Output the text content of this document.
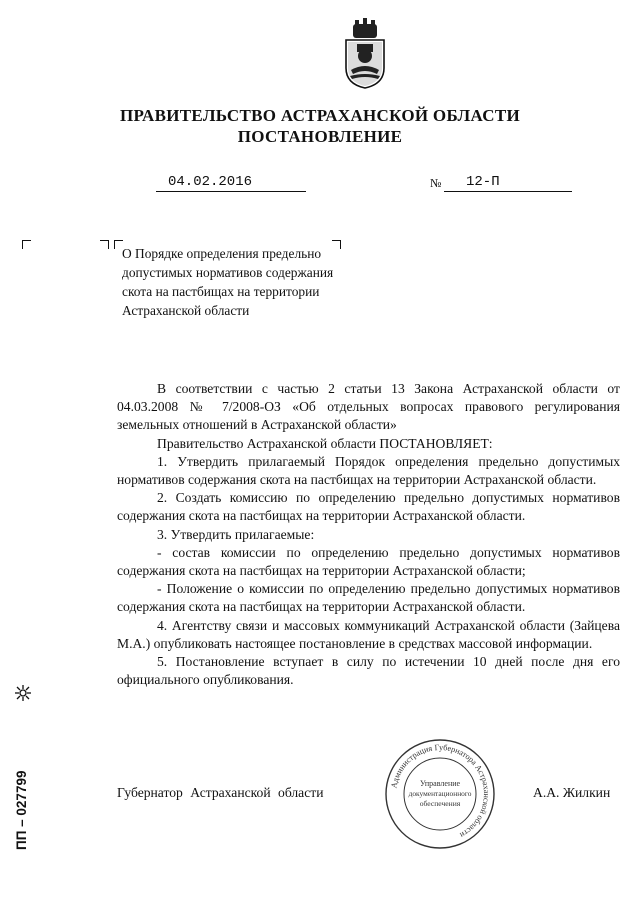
ПРАВИТЕЛЬСТВО АСТРАХАНСКОЙ ОБЛАСТИ
ПОСТАНОВЛЕНИЕ
04.02.2016	№ 12-П
О Порядке определения предельно допустимых нормативов содержания скота на пастбищах на территории Астраханской области

В соответствии с частью 2 статьи 13 Закона Астраханской области от 04.03.2008 № 7/2008-ОЗ «Об отдельных вопросах правового регулирования земельных отношений в Астраханской области»

Правительство Астраханской области ПОСТАНОВЛЯЕТ:

1. Утвердить прилагаемый Порядок определения предельно допустимых нормативов содержания скота на пастбищах на территории Астраханской области.

2. Создать комиссию по определению предельно допустимых нормативов содержания скота на пастбищах на территории Астраханской области.

3. Утвердить прилагаемые:

- состав комиссии по определению предельно допустимых нормативов содержания скота на пастбищах на территории Астраханской области;

- Положение о комиссии по определению предельно допустимых нормативов содержания скота на пастбищах на территории Астраханской области.

4. Агентству связи и массовых коммуникаций Астраханской области (Зайцева М.А.) опубликовать настоящее постановление в средствах массовой информации.

5. Постановление вступает в силу по истечении 10 дней после дня его официального опубликования.

Губернатор Астраханской области	А.А. Жилкин
Администрация Губернатора Астраханской области
Управление
документационного
обеспечения
ПП – 027799
